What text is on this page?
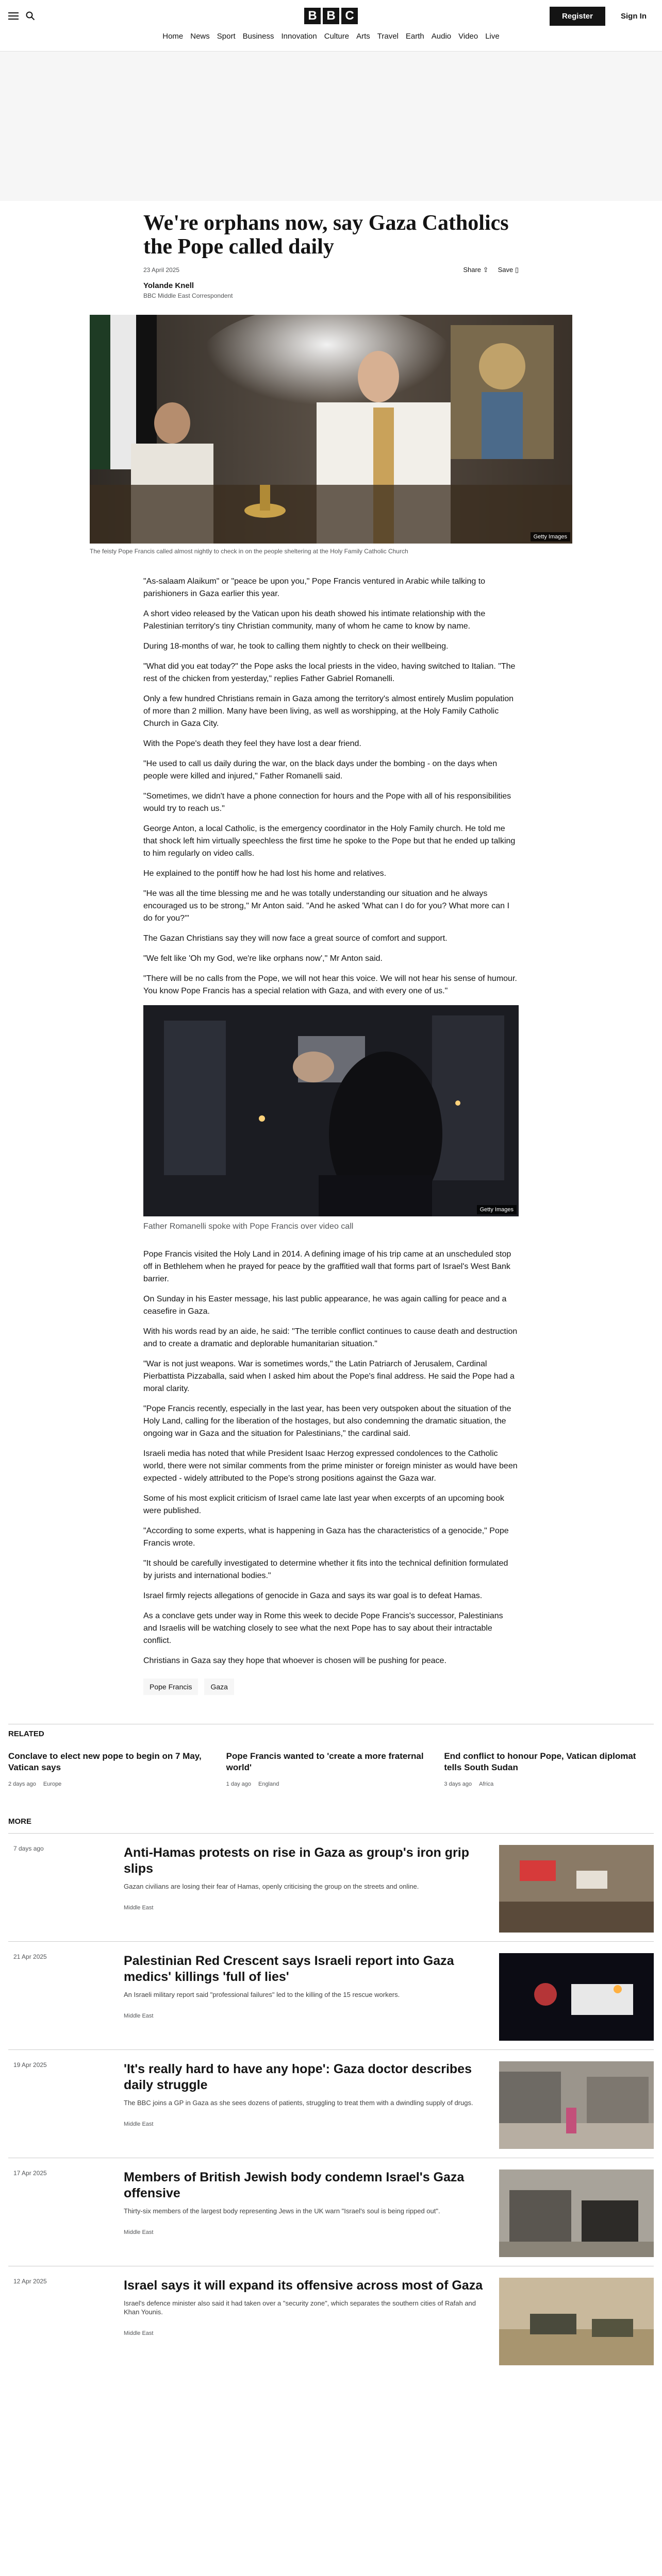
B B C	Register	Sign In
Home News Sport Business Innovation Culture Arts Travel Earth Audio Video Live
We're orphans now, say Gaza Catholics the Pope called daily
23 April 2025	Share ⇪ Save ▯
Yolande Knell
BBC Middle East Correspondent
Getty Images

The feisty Pope Francis called almost nightly to check in on the people sheltering at the Holy Family Catholic Church

"As-salaam Alaikum" or "peace be upon you," Pope Francis ventured in Arabic while talking to parishioners in Gaza earlier this year.

A short video released by the Vatican upon his death showed his intimate relationship with the Palestinian territory's tiny Christian community, many of whom he came to know by name.

During 18-months of war, he took to calling them nightly to check on their wellbeing.

"What did you eat today?" the Pope asks the local priests in the video, having switched to Italian. "The rest of the chicken from yesterday," replies Father Gabriel Romanelli.

Only a few hundred Christians remain in Gaza among the territory's almost entirely Muslim population of more than 2 million. Many have been living, as well as worshipping, at the Holy Family Catholic Church in Gaza City.

With the Pope's death they feel they have lost a dear friend.

"He used to call us daily during the war, on the black days under the bombing - on the days when people were killed and injured," Father Romanelli said.

"Sometimes, we didn't have a phone connection for hours and the Pope with all of his responsibilities would try to reach us."

George Anton, a local Catholic, is the emergency coordinator in the Holy Family church. He told me that shock left him virtually speechless the first time he spoke to the Pope but that he ended up talking to him regularly on video calls.

He explained to the pontiff how he had lost his home and relatives.

"He was all the time blessing me and he was totally understanding our situation and he always encouraged us to be strong," Mr Anton said. "And he asked 'What can I do for you? What more can I do for you?'"

The Gazan Christians say they will now face a great source of comfort and support.

"We felt like 'Oh my God, we're like orphans now'," Mr Anton said.

"There will be no calls from the Pope, we will not hear this voice. We will not hear his sense of humour. You know Pope Francis has a special relation with Gaza, and with every one of us."

Getty Images

Father Romanelli spoke with Pope Francis over video call

Pope Francis visited the Holy Land in 2014. A defining image of his trip came at an unscheduled stop off in Bethlehem when he prayed for peace by the graffitied wall that forms part of Israel's West Bank barrier.

On Sunday in his Easter message, his last public appearance, he was again calling for peace and a ceasefire in Gaza.

With his words read by an aide, he said: "The terrible conflict continues to cause death and destruction and to create a dramatic and deplorable humanitarian situation."

"War is not just weapons. War is sometimes words," the Latin Patriarch of Jerusalem, Cardinal Pierbattista Pizzaballa, said when I asked him about the Pope's final address. He said the Pope had a moral clarity.

"Pope Francis recently, especially in the last year, has been very outspoken about the situation of the Holy Land, calling for the liberation of the hostages, but also condemning the dramatic situation, the ongoing war in Gaza and the situation for Palestinians," the cardinal said.

Israeli media has noted that while President Isaac Herzog expressed condolences to the Catholic world, there were not similar comments from the prime minister or foreign minister as would have been expected - widely attributed to the Pope's strong positions against the Gaza war.

Some of his most explicit criticism of Israel came late last year when excerpts of an upcoming book were published.

"According to some experts, what is happening in Gaza has the characteristics of a genocide," Pope Francis wrote.

"It should be carefully investigated to determine whether it fits into the technical definition formulated by jurists and international bodies."

Israel firmly rejects allegations of genocide in Gaza and says its war goal is to defeat Hamas.

As a conclave gets under way in Rome this week to decide Pope Francis's successor, Palestinians and Israelis will be watching closely to see what the next Pope has to say about their intractable conflict.

Christians in Gaza say they hope that whoever is chosen will be pushing for peace.

Pope Francis	Gaza
RELATED
Conclave to elect new pope to begin on 7 May, Vatican says
2 days ago Europe
Pope Francis wanted to 'create a more fraternal world'
1 day ago England
End conflict to honour Pope, Vatican diplomat tells South Sudan
3 days ago Africa
MORE
7 days ago	Anti-Hamas protests on rise in Gaza as group's iron grip slips

Gazan civilians are losing their fear of Hamas, openly criticising the group on the streets and online.

Middle East
21 Apr 2025	Palestinian Red Crescent says Israeli report into Gaza medics' killings 'full of lies'

An Israeli military report said "professional failures" led to the killing of the 15 rescue workers.

Middle East
19 Apr 2025	'It's really hard to have any hope': Gaza doctor describes daily struggle

The BBC joins a GP in Gaza as she sees dozens of patients, struggling to treat them with a dwindling supply of drugs.

Middle East
17 Apr 2025	Members of British Jewish body condemn Israel's Gaza offensive

Thirty-six members of the largest body representing Jews in the UK warn "Israel's soul is being ripped out".

Middle East
12 Apr 2025	Israel says it will expand its offensive across most of Gaza

Israel's defence minister also said it had taken over a "security zone", which separates the southern cities of Rafah and Khan Younis.

Middle East
